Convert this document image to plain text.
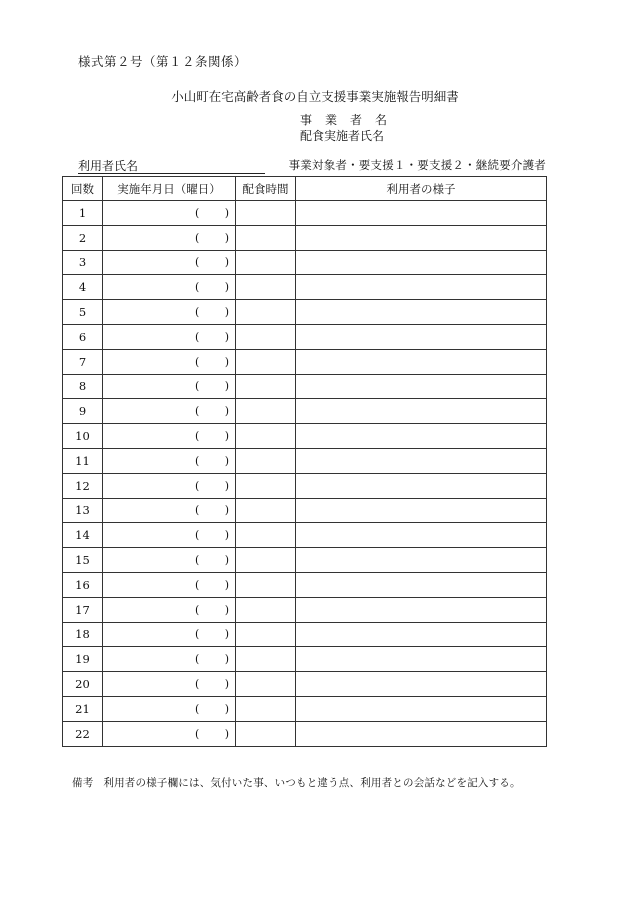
様式第２号（第１２条関係）
小山町在宅高齢者食の自立支援事業実施報告明細書
事業者名
配食実施者氏名
利用者氏名	事業対象者・要支援１・要支援２・継続要介護者
回数	実施年月日（曜日）	配食時間	利用者の様子
1	( )		

2	( )		

3	( )		

4	( )		

5	( )		

6	( )		

7	( )		

8	( )		

9	( )		

10	( )		

11	( )		

12	( )		

13	( )		

14	( )		

15	( )		

16	( )		

17	( )		

18	( )		

19	( )		

20	( )		

21	( )		

22	( )		

備考 利用者の様子欄には、気付いた事、いつもと違う点、利用者との会話などを記入する。
